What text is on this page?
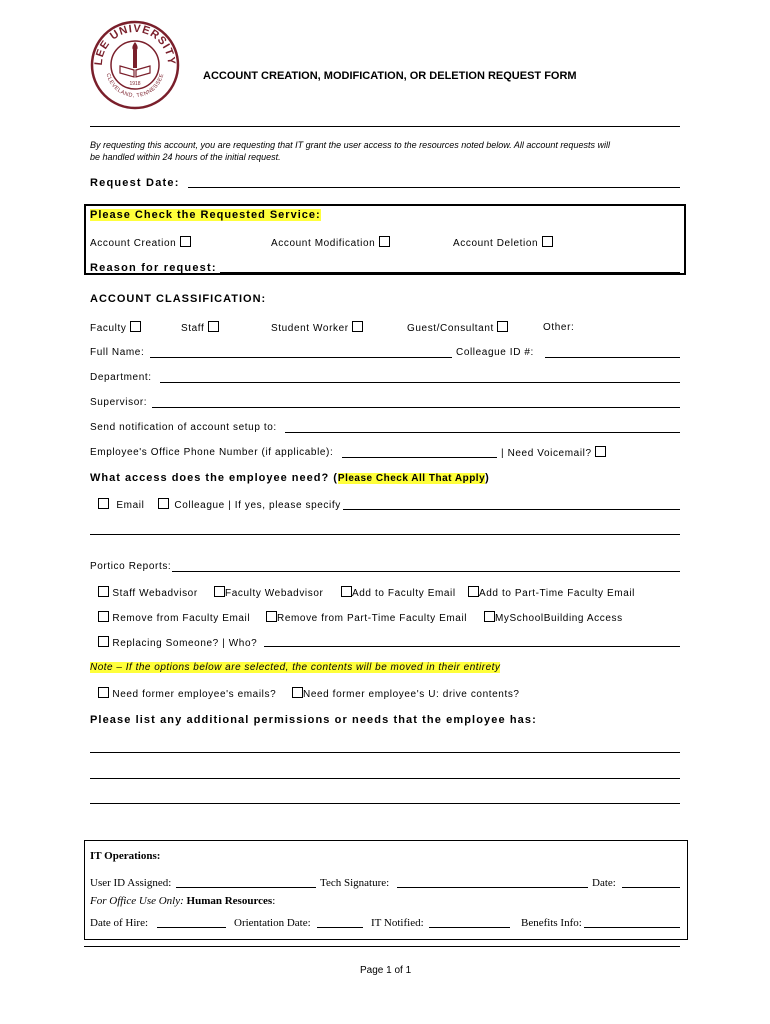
LEE UNIVERSITY
CLEVELAND, TENNESSEE
1918
ACCOUNT CREATION, MODIFICATION, OR DELETION REQUEST FORM
By requesting this account, you are requesting that IT grant the user access to the resources noted below. All account requests will
be handled within 24 hours of the initial request.
Request Date:
Please Check the Requested Service:
Account Creation	Account Modification	Account Deletion
Reason for request:
ACCOUNT CLASSIFICATION:
Faculty	Staff	Student Worker	Guest/Consultant	Other:
Full Name:	Colleague ID #:
Department:
Supervisor:
Send notification of account setup to:
Employee's Office Phone Number (if applicable):	| Need Voicemail?
What access does the employee need? (Please Check All That Apply)
Email	Colleague | If yes, please specify
Portico Reports:
Staff Webadvisor	Faculty Webadvisor	Add to Faculty Email	Add to Part-Time Faculty Email
Remove from Faculty Email	Remove from Part-Time Faculty Email	MySchoolBuilding Access
Replacing Someone? | Who?
Note – If the options below are selected, the contents will be moved in their entirety
Need former employee's emails?	Need former employee's U: drive contents?
Please list any additional permissions or needs that the employee has:
IT Operations:
User ID Assigned:	Tech Signature:	Date:
For Office Use Only: Human Resources:
Date of Hire:	Orientation Date:	IT Notified:	Benefits Info:
Page 1 of 1
